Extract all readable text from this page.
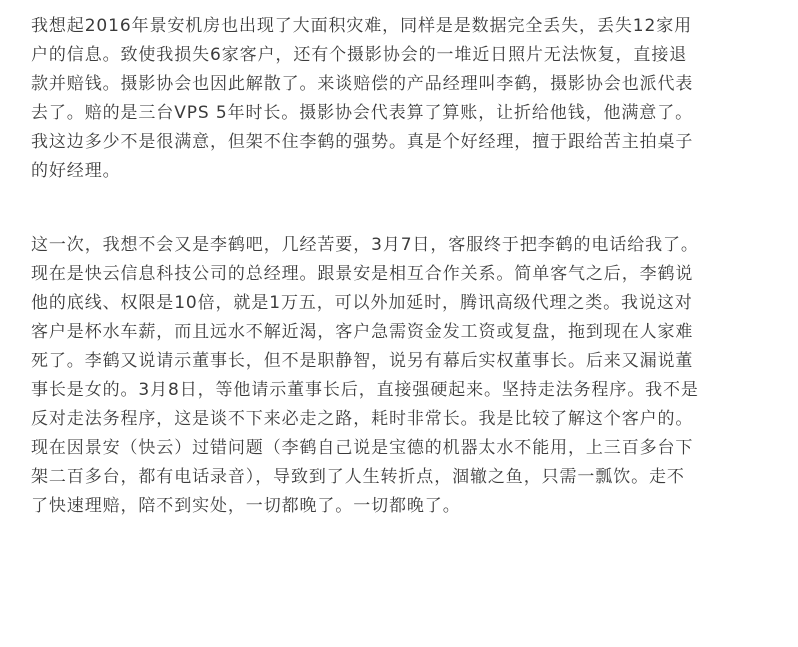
我想起2016年景安机房也出现了大面积灾难，同样是是数据完全丢失，丢失12家用
户的信息。致使我损失6家客户，还有个摄影协会的一堆近日照片无法恢复，直接退
款并赔钱。摄影协会也因此解散了。来谈赔偿的产品经理叫李鹤，摄影协会也派代表
去了。赔的是三台VPS 5年时长。摄影协会代表算了算账，让折给他钱，他满意了。
我这边多少不是很满意，但架不住李鹤的强势。真是个好经理，擅于跟给苦主拍桌子
的好经理。
这一次，我想不会又是李鹤吧，几经苦要，3月7日，客服终于把李鹤的电话给我了。
现在是快云信息科技公司的总经理。跟景安是相互合作关系。简单客气之后，李鹤说
他的底线、权限是10倍，就是1万五，可以外加延时，腾讯高级代理之类。我说这对
客户是杯水车薪，而且远水不解近渴，客户急需资金发工资或复盘，拖到现在人家难
死了。李鹤又说请示董事长，但不是职静智，说另有幕后实权董事长。后来又漏说董
事长是女的。3月8日，等他请示董事长后，直接强硬起来。坚持走法务程序。我不是
反对走法务程序，这是谈不下来必走之路，耗时非常长。我是比较了解这个客户的。
现在因景安（快云）过错问题（李鹤自己说是宝德的机器太水不能用，上三百多台下
架二百多台，都有电话录音），导致到了人生转折点，涸辙之鱼，只需一瓢饮。走不
了快速理赔，陪不到实处，一切都晚了。一切都晚了。
